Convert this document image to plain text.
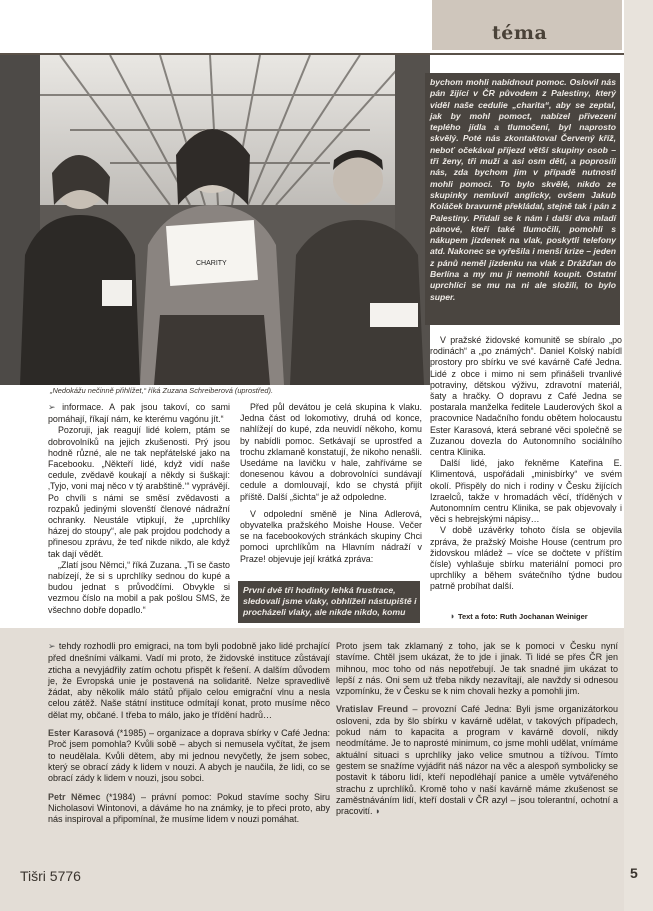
téma
CHARITY
„Nedokážu nečinně přihlížet,“ říká Zuzana Schreiberová (uprostřed).
bychom mohli nabídnout pomoc. Oslovil nás pán žijící v ČR původem z Palestiny, který viděl naše cedulie „charita“, aby se zeptal, jak by mohl pomoct, nabízel přivezení teplého jídla a tlumočení, byl naprosto skvělý. Poté nás zkontaktoval Červený kříž, neboť očekával příjezd větší skupiny osob – tři ženy, tři muži a asi osm dětí, a poprosili nás, zda bychom jim v případě nutnosti mohli pomoci. To bylo skvělé, nikdo ze skupinky nemluvil anglicky, ovšem Jakub Koláček bravurně překládal, stejně tak i pán z Palestiny. Přidali se k nám i další dva mladí pánové, kteří také tlumočili, pomohli s nákupem jízdenek na vlak, poskytli telefony atd. Nakonec se vyřešila i menší krize – jeden z pánů neměl jízdenku na vlak z Drážďan do Berlína a my mu ji nemohli koupit. Ostatní uprchlíci se mu na ni ale složili, to bylo super.

➢ informace. A pak jsou takoví, co sami pomáhají, říkají nám, ke kterému vagónu jít.“

Pozoruji, jak reagují lidé kolem, ptám se dobrovolníků na jejich zkušenosti. Prý jsou hodně různé, ale ne tak nepřátelské jako na Facebooku. „Někteří lidé, když vidí naše cedule, zvědavě koukají a někdy si šuškají: ‚Tyjo, voni maj něco v tý arabštině.‘“ vyprávějí. Po chvíli s námi se směsí zvědavosti a rozpaků jedinými slovenští členové nádražní ochranky. Neustále vtipkují, že „uprchlíky házej do stoupy“, ale pak projdou podchody a přinesou zprávu, že teď nikde nikdo, ale když tak dají vědět.

„Zlatí jsou Němci,“ říká Zuzana. „Ti se často nabízejí, že si s uprchlíky sednou do kupé a budou jednat s průvodčími. Obvykle si vezmou číslo na mobil a pak pošlou SMS, že všechno dobře dopadlo.“

Před půl devátou je celá skupina k vlaku. Jedna část od lokomotivy, druhá od konce, nahlížejí do kupé, zda neuvidí někoho, komu by nabídli pomoc. Setkávají se uprostřed a trochu zklamaně konstatují, že nikoho nenašli. Usedáme na lavičku v hale, zahříváme se donesenou kávou a dobrovolníci sundávají cedule a domlouvají, kdo se chystá přijít příště. Další „šichta“ je až odpoledne.

V odpolední směně je Nina Adlerová, obyvatelka pražského Moishe House. Večer se na facebookových stránkách skupiny Chci pomoci uprchlíkům na Hlavním nádraží v Praze! objevuje její krátká zpráva:

První dvě tři hodinky lehká frustrace, sledovali jsme vlaky, obhlíželi nástupiště i procházeli vlaky, ale nikde nikdo, komu

V pražské židovské komunitě se sbíralo „po rodinách“ a „po známých“. Daniel Kolský nabídl prostory pro sbírku ve své kavárně Café Jedna. Lidé z obce i mimo ni sem přinášeli trvanlivé potraviny, dětskou výživu, zdravotní materiál, šaty a hračky. O dopravu z Café Jedna se postarala manželka ředitele Lauderových škol a pracovnice Nadačního fondu obětem holocaustu Ester Karasová, která sebrané věci společně se Zuzanou dovezla do Autonomního sociálního centra Klinika.

Další lidé, jako řekněme Kateřina E. Klimentová, uspořádali „minisbírky“ ve svém okolí. Přispěly do nich i rodiny v Česku žijících Izraelců, takže v hromadách věcí, tříděných v Autonomním centru Klinika, se pak objevovaly i věci s hebrejskými nápisy…

V době uzávěrky tohoto čísla se objevila zpráva, že pražský Moishe House (centrum pro židovskou mládež – více se dočtete v příštím čísle) vyhlašuje sbírku materiální pomoci pro uprchlíky a během svátečního týdne budou patrně probíhat další.

◗ Text a foto: Ruth Jochanan Weiniger

➢ tehdy rozhodli pro emigraci, na tom byli podobně jako lidé prchající před dnešními válkami. Vadí mi proto, že židovské instituce zůstávají zticha a nevyjádřily zatím ochotu přispět k řešení. A dalším důvodem je, že Evropská unie je postavená na solidaritě. Nelze spravedlivě žádat, aby několik málo států přijalo celou emigrační vlnu a nesla celou zátěž. Naše státní instituce odmítají konat, proto musíme něco dělat my, občané. I třeba to málo, jako je třídění hadrů…

Ester Karasová (*1985) – organizace a doprava sbírky v Café Jedna: Proč jsem pomohla? Kvůli sobě – abych si nemusela vyčítat, že jsem to neudělala. Kvůli dětem, aby mi jednou nevyčetly, že jsem sobec, který se obrací zády k lidem v nouzi. A abych je naučila, že lidi, co se obrací zády k lidem v nouzi, jsou sobci.

Petr Němec (*1984) – právní pomoc: Pokud stavíme sochy Siru Nicholasovi Wintonovi, a dáváme ho na známky, je to přeci proto, aby nás inspiroval a připomínal, že musíme lidem v nouzi pomáhat.

Proto jsem tak zklamaný z toho, jak se k pomoci v Česku nyní stavíme. Chtěl jsem ukázat, že to jde i jinak. Ti lidé se přes ČR jen mihnou, moc toho od nás nepotřebují. Je tak snadné jim ukázat to lepší z nás. Oni sem už třeba nikdy nezavítají, ale navždy si odnesou vzpomínku, že v Česku se k nim chovali hezky a pomohli jim.

Vratislav Freund – provozní Café Jedna: Byli jsme organizátorkou osloveni, zda by šlo sbírku v kavárně udělat, v takových případech, pokud nám to kapacita a program v kavárně dovolí, nikdy neodmítáme. Je to naprosté minimum, co jsme mohli udělat, vnímáme aktuální situaci s uprchlíky jako velice smutnou a tížívou. Tímto gestem se snažíme vyjádřit náš názor na věc a alespoň symbolicky se postavit k táboru lidí, kteří nepodléhají panice a uměle vytvářeného strachu z uprchlíků. Kromě toho v naší kavárně máme zkušenost se zaměstnáváním lidí, kteří dostali v ČR azyl – jsou tolerantní, ochotní a pracovití. ◗

Tišri 5776	5
